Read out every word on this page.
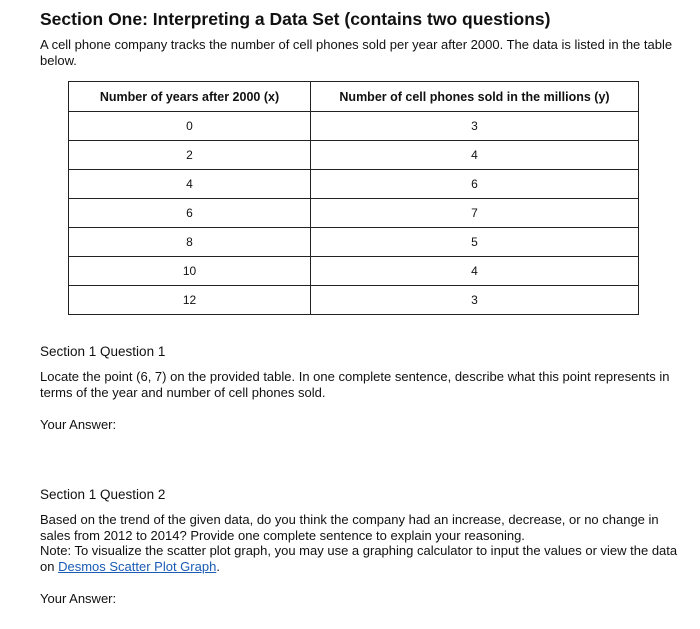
Section One: Interpreting a Data Set (contains two questions)

A cell phone company tracks the number of cell phones sold per year after 2000. The data is listed in the table below.

Number of years after 2000 (x)	Number of cell phones sold in the millions (y)
0	3
2	4
4	6
6	7
8	5
10	4
12	3

Section 1 Question 1

Locate the point (6, 7) on the provided table. In one complete sentence, describe what this point represents in terms of the year and number of cell phones sold.

Your Answer:

Section 1 Question 2

Based on the trend of the given data, do you think the company had an increase, decrease, or no change in sales from 2012 to 2014? Provide one complete sentence to explain your reasoning.
Note: To visualize the scatter plot graph, you may use a graphing calculator to input the values or view the data on Desmos Scatter Plot Graph.

Your Answer:
